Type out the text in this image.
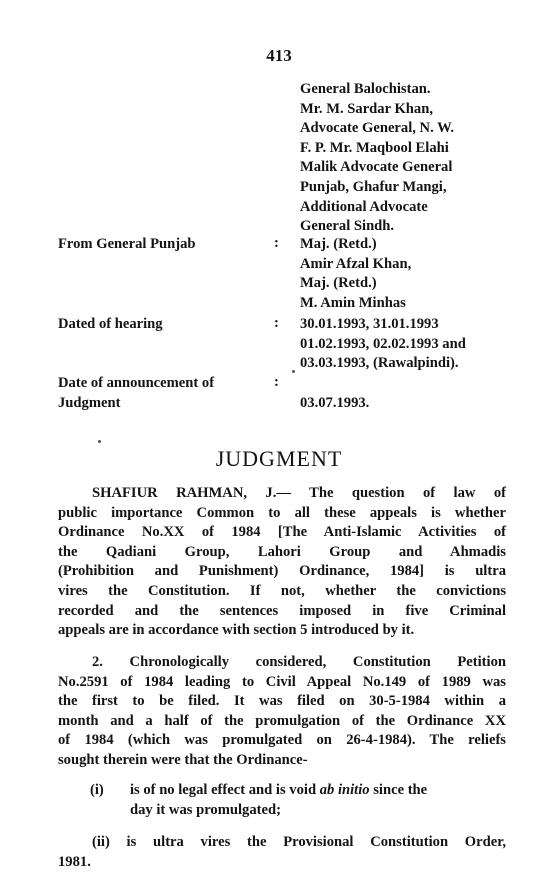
413
General Balochistan.
Mr. M. Sardar Khan,
Advocate General, N. W.
F. P. Mr. Maqbool Elahi
Malik Advocate General
Punjab, Ghafur Mangi,
Additional Advocate
General Sindh.
From General Punjab	: Maj. (Retd.)
Amir Afzal Khan,
Maj. (Retd.)
M. Amin Minhas
Dated of hearing	: 30.01.1993, 31.01.1993
01.02.1993, 02.02.1993 and
03.03.1993, (Rawalpindi).
Date of announcement of
Judgment
:
03.07.1993.
JUDGMENT
SHAFIUR RAHMAN, J.— The question of law of
public importance Common to all these appeals is whether
Ordinance No.XX of 1984 [The Anti-Islamic Activities of
the Qadiani Group, Lahori Group and Ahmadis
(Prohibition and Punishment) Ordinance, 1984] is ultra
vires the Constitution. If not, whether the convictions
recorded and the sentences imposed in five Criminal
appeals are in accordance with section 5 introduced by it.
2. Chronologically considered, Constitution Petition
No.2591 of 1984 leading to Civil Appeal No.149 of 1989 was
the first to be filed. It was filed on 30-5-1984 within a
month and a half of the promulgation of the Ordinance XX
of 1984 (which was promulgated on 26-4-1984). The reliefs
sought therein were that the Ordinance-
(i) is of no legal effect and is void ab initio since the
day it was promulgated;
(ii) is ultra vires the Provisional Constitution Order,
1981.
